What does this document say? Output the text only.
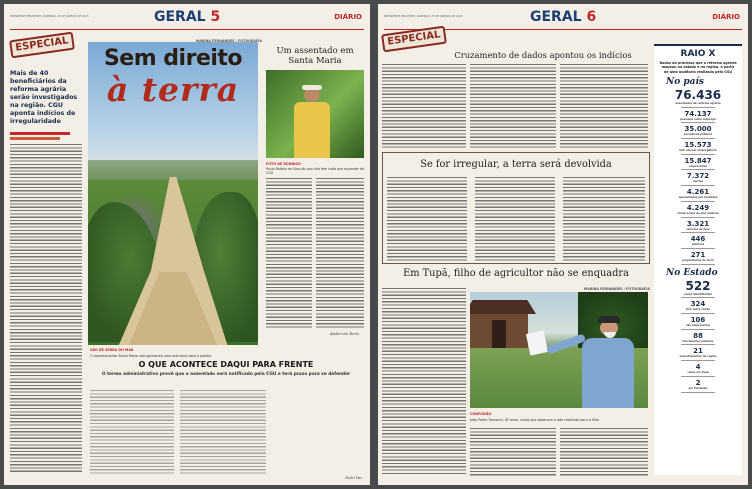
PRESIDENTE PRUDENTE, DOMINGO, 25 DE JANEIRO DE 2015	GERAL 5	DIÁRIO
ESPECIAL
Mais de 40 beneficiários da reforma agrária serão investigados na região. CGU aponta indícios de irregularidade
Sem direito
à terra
MARINA FERNANDES / FOTOGRAFIA
VÃO DE SERRA DO MAR
O assentamento Santa Maria não apresenta uma estrutura para o plantio
Um assentado em Santa Maria
FOTO DE RODRIGO
Paulo Batista da Silva diz que não tem nada que esconder da CGU
Atelier da Terra
O QUE ACONTECE DAQUI PARA FRENTE
O termo administrativo prevê que o assentado será notificado pela CGU e terá prazo para se defender
Nelci Vaz
PRESIDENTE PRUDENTE, DOMINGO, 25 DE JANEIRO DE 2015	GERAL 6	DIÁRIO
ESPECIAL
Cruzamento de dados apontou os indícios
Se for irregular, a terra será devolvida
Em Tupã, filho de agricultor não se enquadra
MARINA FERNANDES / FOTOGRAFIA
CONFISSÃO
João Pedro Tomazini, 62 anos, conta que esperava o lote resolvido para o filho
RAIO X
Dados do processo que a reforma agrária mapeou no estado e na região, a partir de uma auditoria realizada pela CGU
No país
76.436
assentados da reforma agrária
74.137
possuem outro emprego
35.000
servidores públicos
15.573
tem vínculo empregatício
15.847
empresários
7.372
mortos
4.261
aposentados por invalidez
4.249
renda acima de três salários
3.321
veículos de luxo
446
políticos
271
proprietários de terra
No Estado
522
casos identificados
324
têm outra renda
106
são empresários
88
funcionários públicos
21
assentamentos na região
4
casos em Tupã
2
em Prudente
